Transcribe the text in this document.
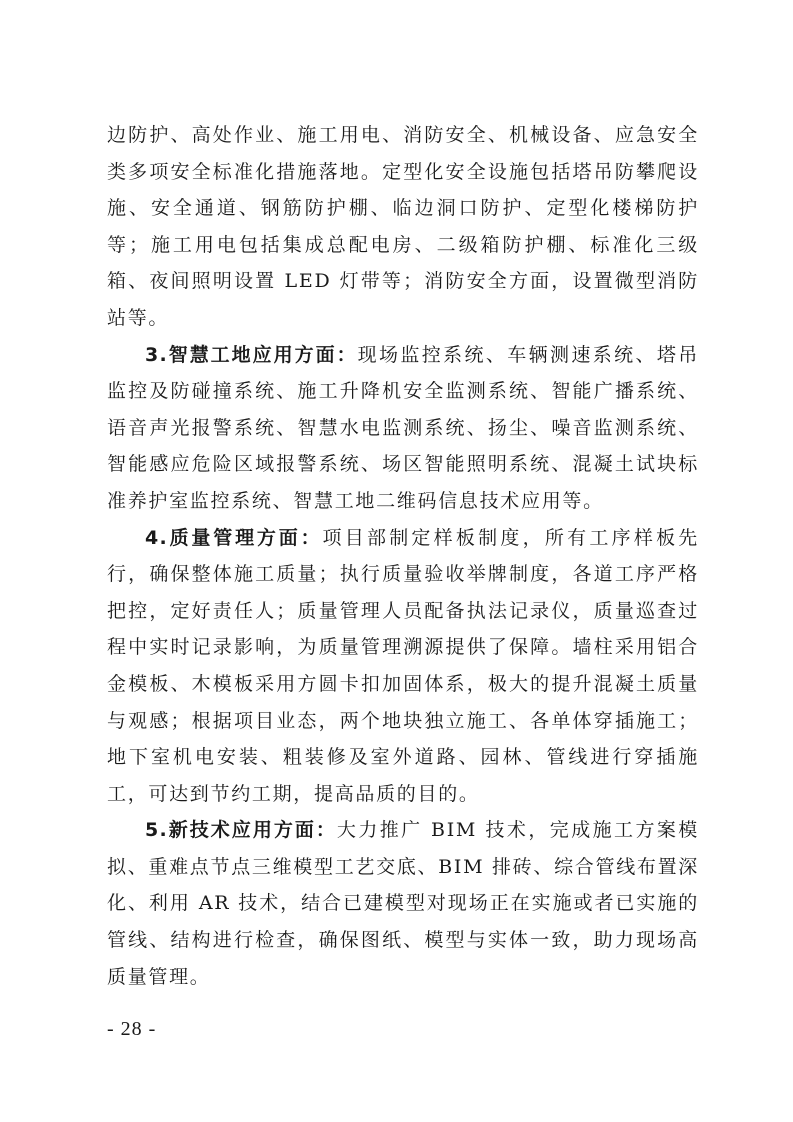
边防护、高处作业、施工用电、消防安全、机械设备、应急安全类多项安全标准化措施落地。定型化安全设施包括塔吊防攀爬设施、安全通道、钢筋防护棚、临边洞口防护、定型化楼梯防护等；施工用电包括集成总配电房、二级箱防护棚、标准化三级箱、夜间照明设置 LED 灯带等；消防安全方面，设置微型消防站等。

3.智慧工地应用方面：现场监控系统、车辆测速系统、塔吊监控及防碰撞系统、施工升降机安全监测系统、智能广播系统、语音声光报警系统、智慧水电监测系统、扬尘、噪音监测系统、智能感应危险区域报警系统、场区智能照明系统、混凝土试块标准养护室监控系统、智慧工地二维码信息技术应用等。

4.质量管理方面：项目部制定样板制度，所有工序样板先行，确保整体施工质量；执行质量验收举牌制度，各道工序严格把控，定好责任人；质量管理人员配备执法记录仪，质量巡查过程中实时记录影响，为质量管理溯源提供了保障。墙柱采用铝合金模板、木模板采用方圆卡扣加固体系，极大的提升混凝土质量与观感；根据项目业态，两个地块独立施工、各单体穿插施工；地下室机电安装、粗装修及室外道路、园林、管线进行穿插施工，可达到节约工期，提高品质的目的。

5.新技术应用方面：大力推广 BIM 技术，完成施工方案模拟、重难点节点三维模型工艺交底、BIM 排砖、综合管线布置深化、利用 AR 技术，结合已建模型对现场正在实施或者已实施的管线、结构进行检查，确保图纸、模型与实体一致，助力现场高质量管理。

- 28 -
